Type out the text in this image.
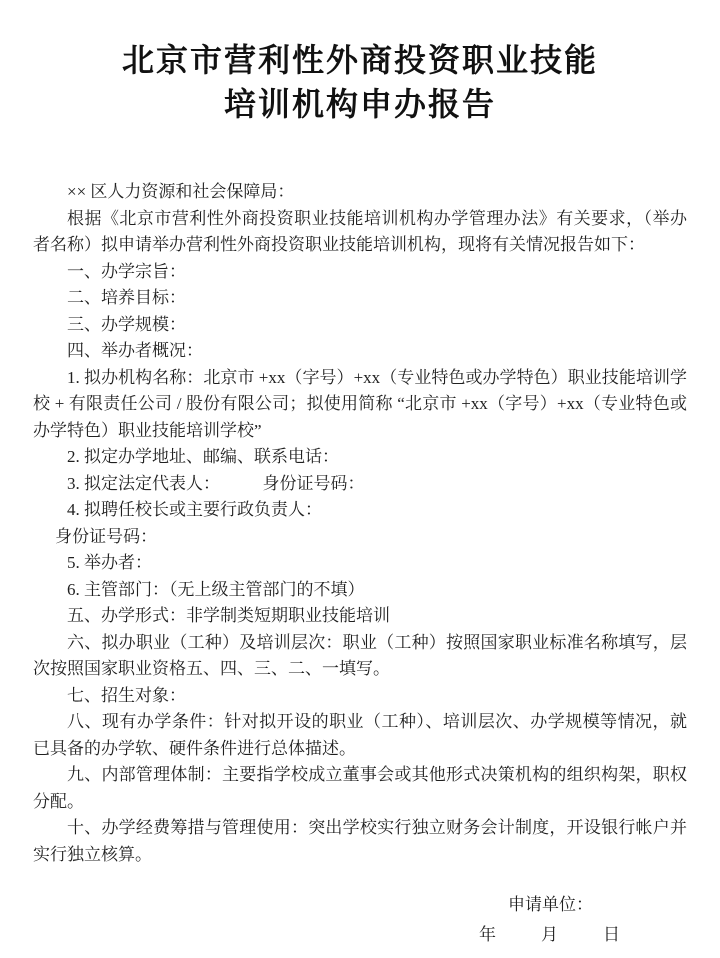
北京市营利性外商投资职业技能
培训机构申办报告

×× 区人力资源和社会保障局：

根据《北京市营利性外商投资职业技能培训机构办学管理办法》有关要求，（举办者名称）拟申请举办营利性外商投资职业技能培训机构，现将有关情况报告如下：

一、办学宗旨：

二、培养目标：

三、办学规模：

四、举办者概况：

1. 拟办机构名称：北京市 +xx（字号）+xx（专业特色或办学特色）职业技能培训学校 + 有限责任公司 / 股份有限公司；拟使用简称 “北京市 +xx（字号）+xx（专业特色或办学特色）职业技能培训学校”

2. 拟定办学地址、邮编、联系电话：

3. 拟定法定代表人：　　　身份证号码：

4. 拟聘任校长或主要行政负责人：

身份证号码：

5. 举办者：

6. 主管部门：（无上级主管部门的不填）

五、办学形式：非学制类短期职业技能培训

六、拟办职业（工种）及培训层次：职业（工种）按照国家职业标准名称填写，层次按照国家职业资格五、四、三、二、一填写。

七、招生对象：

八、现有办学条件：针对拟开设的职业（工种）、培训层次、办学规模等情况，就已具备的办学软、硬件条件进行总体描述。

九、内部管理体制：主要指学校成立董事会或其他形式决策机构的组织构架，职权分配。

十、办学经费筹措与管理使用：突出学校实行独立财务会计制度，开设银行帐户并实行独立核算。

申请单位：
年	月	日
